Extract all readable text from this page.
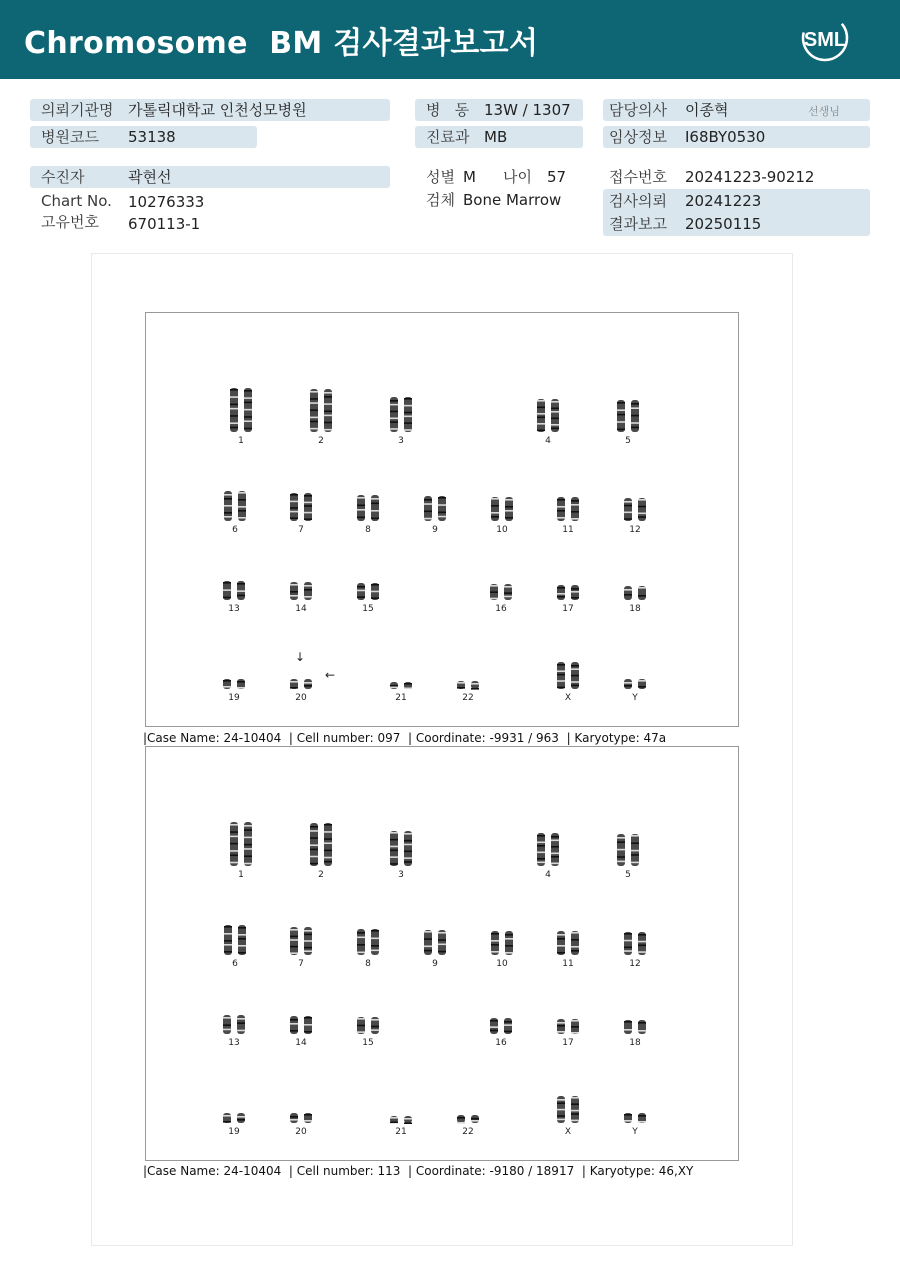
Chromosome  BM 검사결과보고서	SML
의뢰기관명 가톨릭대학교 인천성모병원
병원코드 53138
수진자	곽현선
Chart No. 10276333
고유번호 670113-1
병   동 13W / 1307
진료과 MB
성별 M 나이 57
검체 Bone Marrow
담당의사 이종혁	선생님
임상정보 I68BY0530
접수번호 20241223-90212
검사의뢰 20241223
결과보고 20250115
|Case Name: 24-10404  | Cell number: 097  | Coordinate: -9931 / 963  | Karyotype: 47a
|Case Name: 24-10404  | Cell number: 113  | Coordinate: -9180 / 18917  | Karyotype: 46,XY
↓
←
1	2	3	4	5
6	7	8	9	10	11	12
13	14	15	16	17	18
19	20	21	22	X	Y
1	2	3	4	5
6	7	8	9	10	11	12
13	14	15	16	17	18
19	20	21	22	X	Y
